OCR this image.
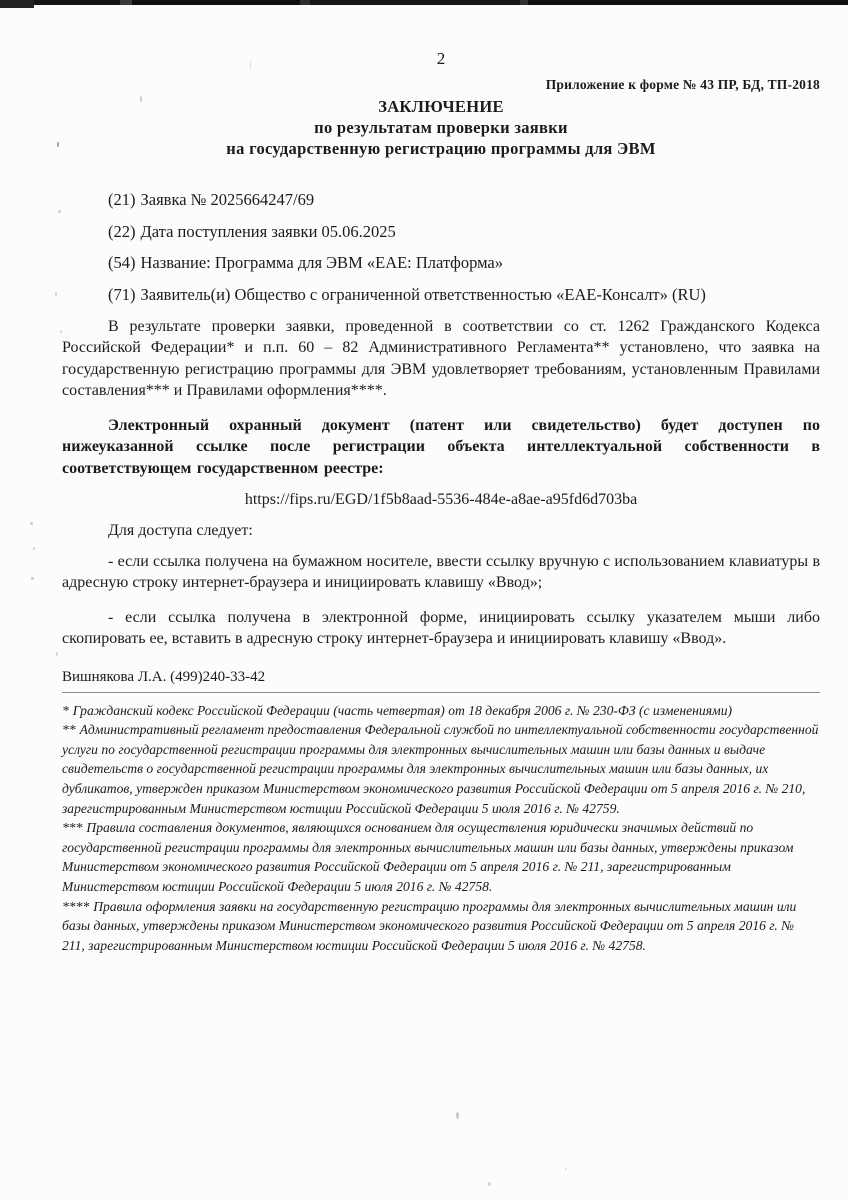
2
Приложение к форме № 43 ПР, БД, ТП-2018
ЗАКЛЮЧЕНИЕ
по результатам проверки заявки
на государственную регистрацию программы для ЭВМ
(21) Заявка № 2025664247/69
(22) Дата поступления заявки 05.06.2025
(54) Название: Программа для ЭВМ «ЕАЕ: Платформа»
(71) Заявитель(и) Общество с ограниченной ответственностью «ЕАЕ-Консалт» (RU)

В результате проверки заявки, проведенной в соответствии со ст. 1262 Гражданского Кодекса Российской Федерации* и п.п. 60 – 82 Административного Регламента** установлено, что заявка на государственную регистрацию программы для ЭВМ удовлетворяет требованиям, установленным Правилами составления*** и Правилами оформления****.

Электронный охранный документ (патент или свидетельство) будет доступен по нижеуказанной ссылке после регистрации объекта интеллектуальной собственности в соответствующем государственном реестре:

https://fips.ru/EGD/1f5b8aad-5536-484e-a8ae-a95fd6d703ba
Для доступа следует:

- если ссылка получена на бумажном носителе, ввести ссылку вручную с использованием клавиатуры в адресную строку интернет-браузера и инициировать клавишу «Ввод»;

- если ссылка получена в электронной форме, инициировать ссылку указателем мыши либо скопировать ее, вставить в адресную строку интернет-браузера и инициировать клавишу «Ввод».

Вишнякова Л.А. (499)240-33-42

* Гражданский кодекс Российской Федерации (часть четвертая) от 18 декабря 2006 г. № 230-ФЗ (с изменениями)

** Административный регламент предоставления Федеральной службой по интеллектуальной собственности государственной услуги по государственной регистрации программы для электронных вычислительных машин или базы данных и выдаче свидетельств о государственной регистрации программы для электронных вычислительных машин или базы данных, их дубликатов, утвержден приказом Министерством экономического развития Российской Федерации от 5 апреля 2016 г. № 210, зарегистрированным Министерством юстиции Российской Федерации 5 июля 2016 г. № 42759.

*** Правила составления документов, являющихся основанием для осуществления юридически значимых действий по государственной регистрации программы для электронных вычислительных машин или базы данных, утверждены приказом Министерством экономического развития Российской Федерации от 5 апреля 2016 г. № 211, зарегистрированным Министерством юстиции Российской Федерации 5 июля 2016 г. № 42758.

**** Правила оформления заявки на государственную регистрацию программы для электронных вычислительных машин или базы данных, утверждены приказом Министерством экономического развития Российской Федерации от 5 апреля 2016 г. № 211, зарегистрированным Министерством юстиции Российской Федерации 5 июля 2016 г. № 42758.
